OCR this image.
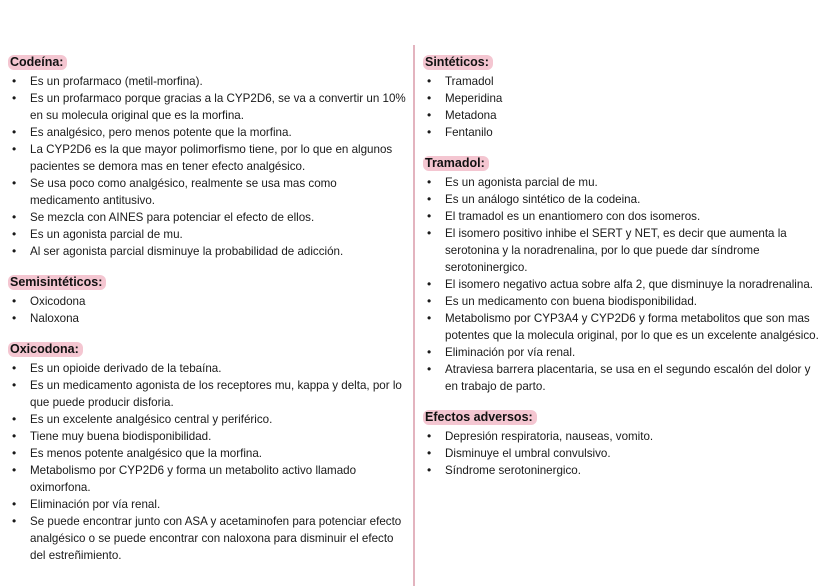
Codeína:
• Es un profarmaco (metil-morfina).
• Es un profarmaco porque gracias a la CYP2D6, se va a convertir un 10% en su molecula original que es la morfina.
• Es analgésico, pero menos potente que la morfina.
• La CYP2D6 es la que mayor polimorfismo tiene, por lo que en algunos pacientes se demora mas en tener efecto analgésico.
• Se usa poco como analgésico, realmente se usa mas como medicamento antitusivo.
• Se mezcla con AINES para potenciar el efecto de ellos.
• Es un agonista parcial de mu.
• Al ser agonista parcial disminuye la probabilidad de adicción.
Semisintéticos:
• Oxicodona
• Naloxona
Oxicodona:
• Es un opioide derivado de la tebaína.
• Es un medicamento agonista de los receptores mu, kappa y delta, por lo que puede producir disforia.
• Es un excelente analgésico central y periférico.
• Tiene muy buena biodisponibilidad.
• Es menos potente analgésico que la morfina.
• Metabolismo por CYP2D6 y forma un metabolito activo llamado oximorfona.
• Eliminación por vía renal.
• Se puede encontrar junto con ASA y acetaminofen para potenciar efecto analgésico o se puede encontrar con naloxona para disminuir el efecto del estreñimiento.
Sintéticos:
• Tramadol
• Meperidina
• Metadona
• Fentanilo
Tramadol:
• Es un agonista parcial de mu.
• Es un análogo sintético de la codeina.
• El tramadol es un enantiomero con dos isomeros.
• El isomero positivo inhibe el SERT y NET, es decir que aumenta la serotonina y la noradrenalina, por lo que puede dar síndrome serotoninergico.
• El isomero negativo actua sobre alfa 2, que disminuye la noradrenalina.
• Es un medicamento con buena biodisponibilidad.
• Metabolismo por CYP3A4 y CYP2D6 y forma metabolitos que son mas potentes que la molecula original, por lo que es un excelente analgésico.
• Eliminación por vía renal.
• Atraviesa barrera placentaria, se usa en el segundo escalón del dolor y en trabajo de parto.
Efectos adversos:
• Depresión respiratoria, nauseas, vomito.
• Disminuye el umbral convulsivo.
• Síndrome serotoninergico.
